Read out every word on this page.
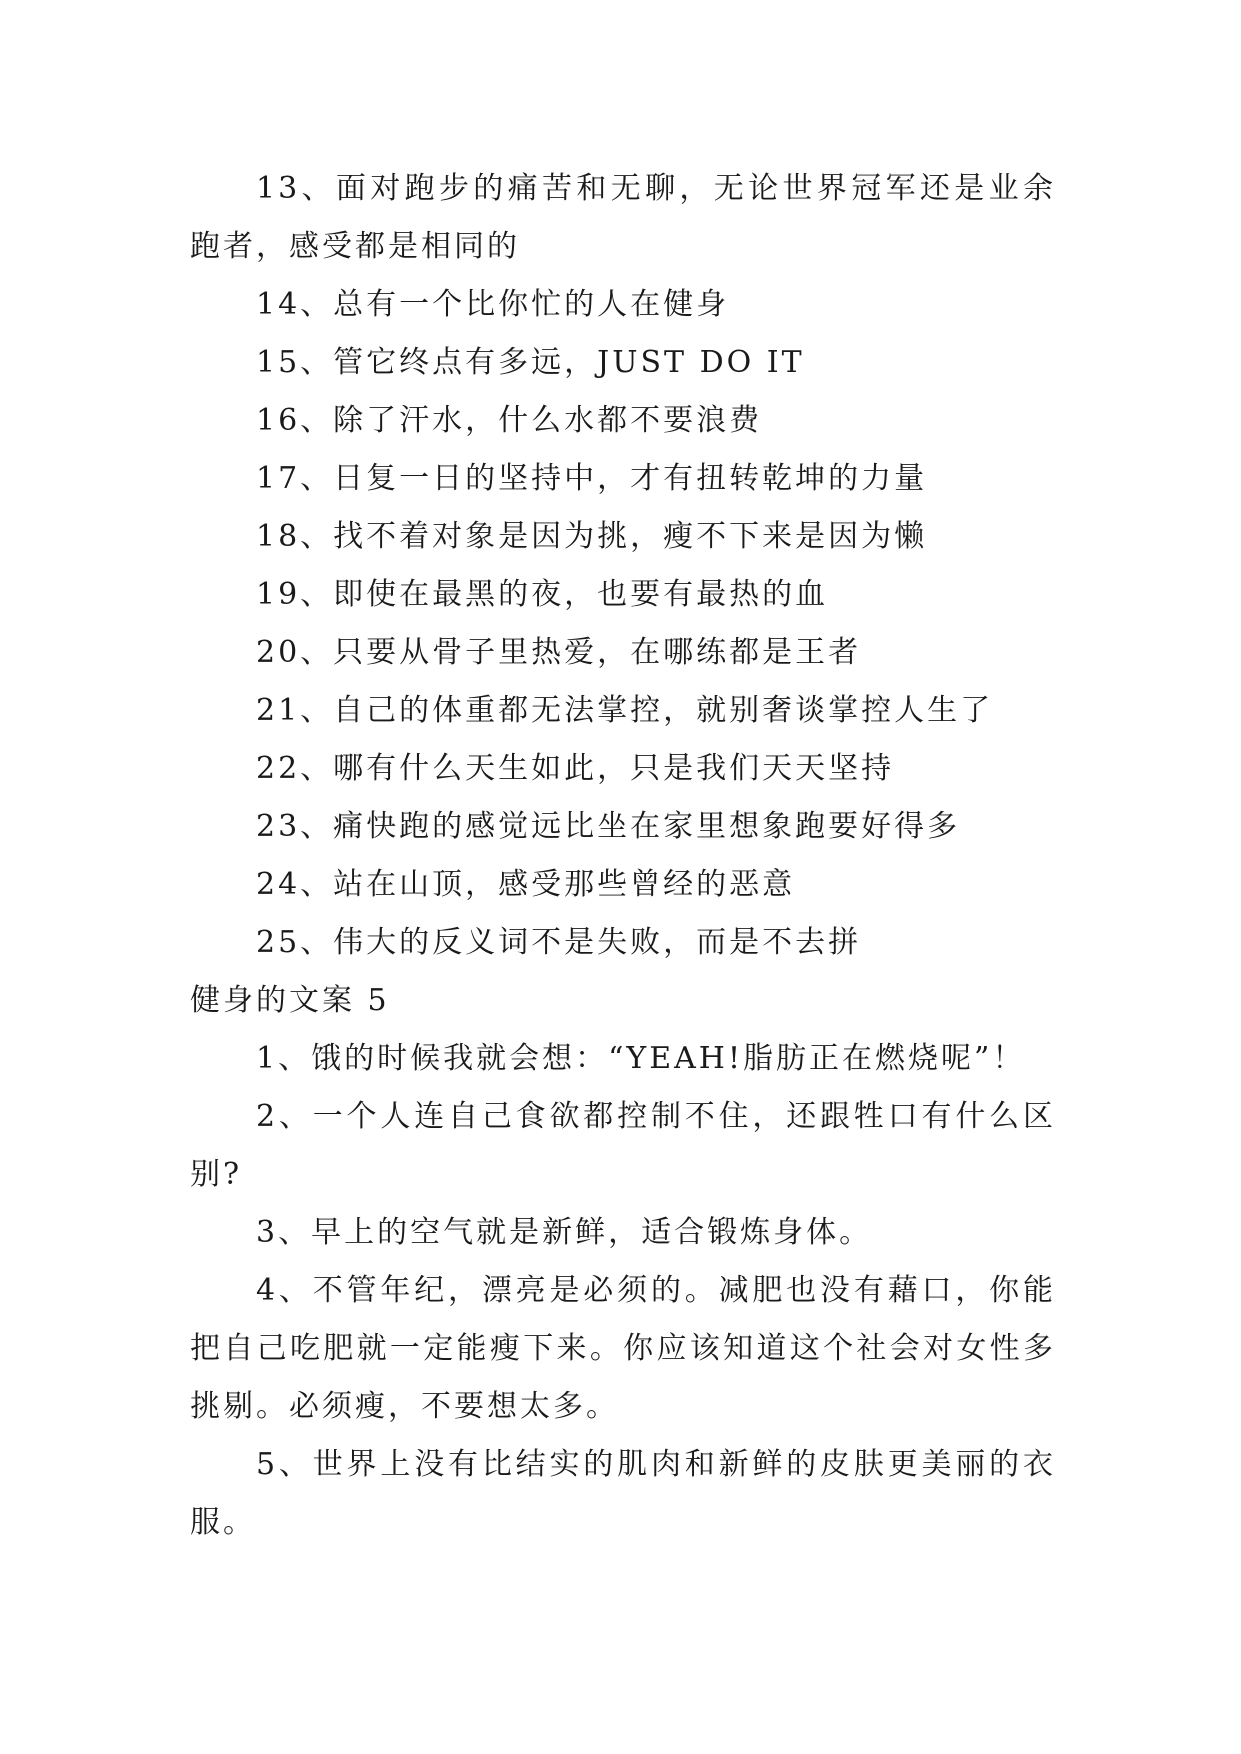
13、面对跑步的痛苦和无聊，无论世界冠军还是业余跑者，感受都是相同的

14、总有一个比你忙的人在健身

15、管它终点有多远，JUST DO IT

16、除了汗水，什么水都不要浪费

17、日复一日的坚持中，才有扭转乾坤的力量

18、找不着对象是因为挑，瘦不下来是因为懒

19、即使在最黑的夜，也要有最热的血

20、只要从骨子里热爱，在哪练都是王者

21、自己的体重都无法掌控，就别奢谈掌控人生了

22、哪有什么天生如此，只是我们天天坚持

23、痛快跑的感觉远比坐在家里想象跑要好得多

24、站在山顶，感受那些曾经的恶意

25、伟大的反义词不是失败，而是不去拼

健身的文案 5

1、饿的时候我就会想：“YEAH!脂肪正在燃烧呢”！

2、一个人连自己食欲都控制不住，还跟牲口有什么区别?

3、早上的空气就是新鲜，适合锻炼身体。

4、不管年纪，漂亮是必须的。减肥也没有藉口，你能把自己吃肥就一定能瘦下来。你应该知道这个社会对女性多挑剔。必须瘦，不要想太多。

5、世界上没有比结实的肌肉和新鲜的皮肤更美丽的衣服。
